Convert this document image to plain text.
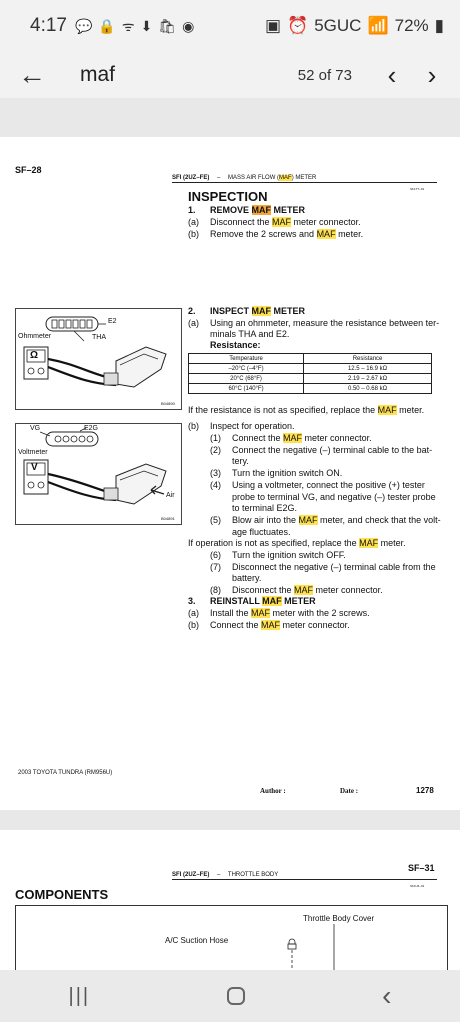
4:17 💬 🔒 ᯤ ⬇ 🛍 ◉	▣ ⏰ 5GUC 📶 72% ▮
← maf	52 of 73 ‹ ›
SF–28
SFI (2UZ–FE) – MASS AIR FLOW (MAF) METER
SF1TT–01
INSPECTION
1. REMOVE MAF METER
(a) Disconnect the MAF meter connector.
(b) Remove the 2 screws and MAF meter.
E2
Ohmmeter	THA
Ω
B04890
2. INSPECT MAF METER
(a) Using an ohmmeter, measure the resistance between ter-
minals THA and E2.
Resistance:
Temperature	Resistance
–20°C (–4°F)	12.5 – 16.9 kΩ
20°C (68°F)	2.19 – 2.67 kΩ
60°C (140°F)	0.50 – 0.68 kΩ
If the resistance is not as specified, replace the MAF meter.
VG	E2G
Voltmeter
V
Air
B04891
(b) Inspect for operation.
(1) Connect the MAF meter connector.
(2) Connect the negative (–) terminal cable to the bat-
tery.
(3) Turn the ignition switch ON.
(4) Using a voltmeter, connect the positive (+) tester
probe to terminal VG, and negative (–) tester probe
to terminal E2G.
(5) Blow air into the MAF meter, and check that the volt-
age fluctuates.
If operation is not as specified, replace the MAF meter.
(6) Turn the ignition switch OFF.
(7) Disconnect the negative (–) terminal cable from the
battery.
(8) Disconnect the MAF meter connector.
3. REINSTALL MAF METER
(a) Install the MAF meter with the 2 screws.
(b) Connect the MAF meter connector.
2003 TOYOTA TUNDRA (RM956U)
Author :	Date :	1278
SF–31
SFI (2UZ–FE) – THROTTLE BODY
SF1U6–01
COMPONENTS
Throttle Body Cover
A/C Suction Hose
|||	‹
